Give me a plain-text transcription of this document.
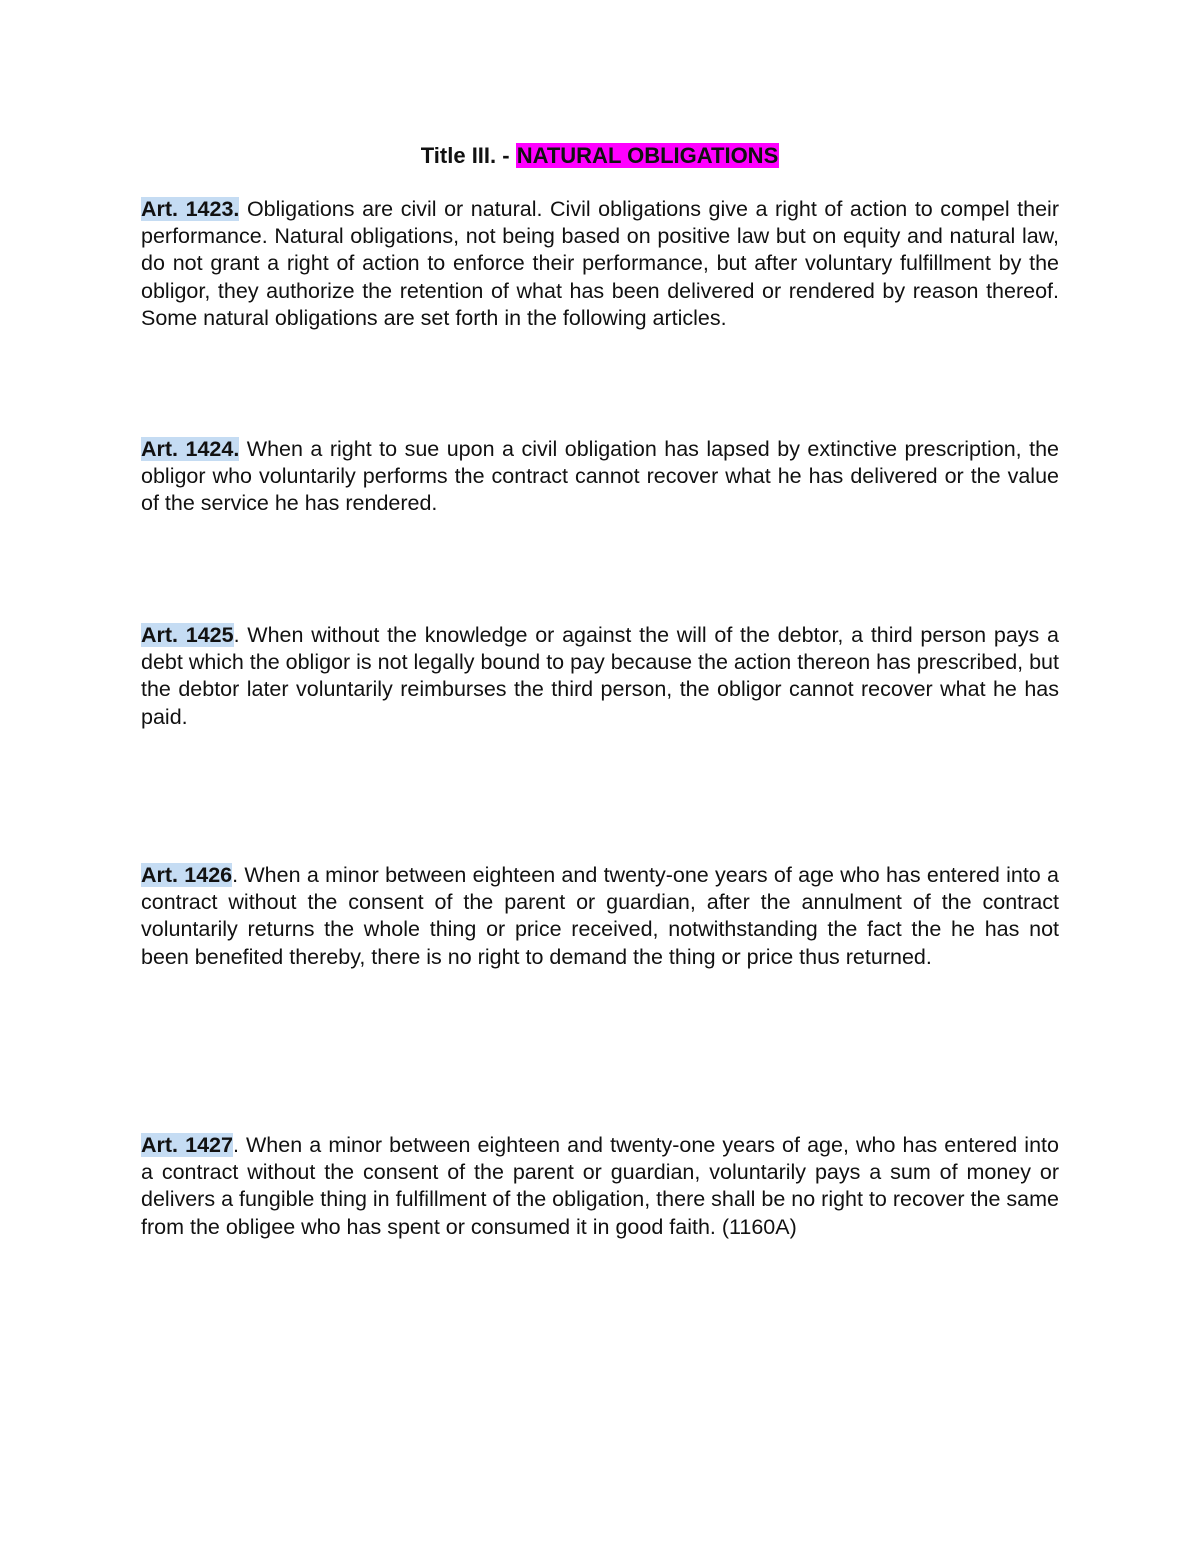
Title III. - NATURAL OBLIGATIONS

Art. 1423. Obligations are civil or natural. Civil obligations give a right of action to compel their performance. Natural obligations, not being based on positive law but on equity and natural law, do not grant a right of action to enforce their performance, but after voluntary fulfillment by the obligor, they authorize the retention of what has been delivered or rendered by reason thereof. Some natural obligations are set forth in the following articles.

Art. 1424. When a right to sue upon a civil obligation has lapsed by extinctive prescription, the obligor who voluntarily performs the contract cannot recover what he has delivered or the value of the service he has rendered.

Art. 1425. When without the knowledge or against the will of the debtor, a third person pays a debt which the obligor is not legally bound to pay because the action thereon has prescribed, but the debtor later voluntarily reimburses the third person, the obligor cannot recover what he has paid.

Art. 1426. When a minor between eighteen and twenty-one years of age who has entered into a contract without the consent of the parent or guardian, after the annulment of the contract voluntarily returns the whole thing or price received, notwithstanding the fact the he has not been benefited thereby, there is no right to demand the thing or price thus returned.

Art. 1427. When a minor between eighteen and twenty-one years of age, who has entered into a contract without the consent of the parent or guardian, voluntarily pays a sum of money or delivers a fungible thing in fulfillment of the obligation, there shall be no right to recover the same from the obligee who has spent or consumed it in good faith. (1160A)
